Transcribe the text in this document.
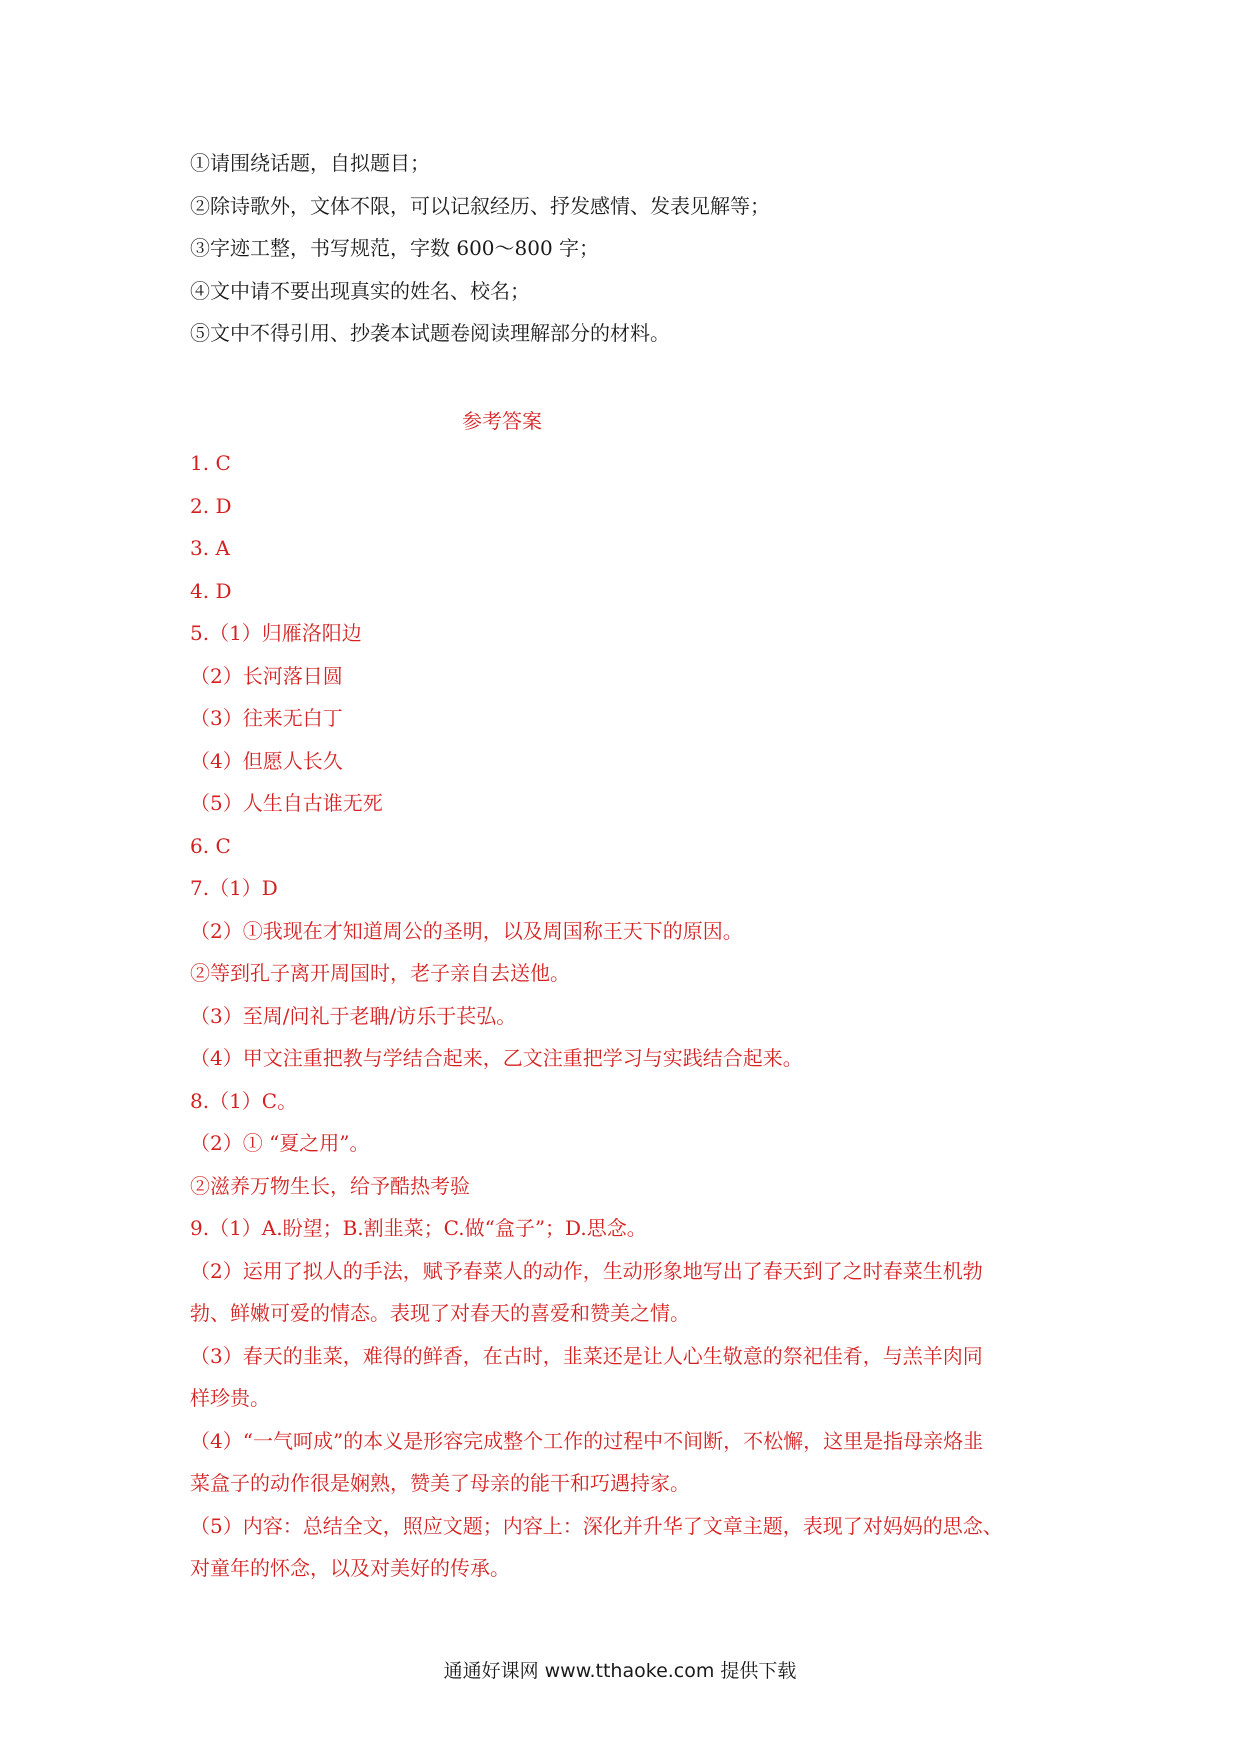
①请围绕话题，自拟题目；
②除诗歌外，文体不限，可以记叙经历、抒发感情、发表见解等；
③字迹工整，书写规范，字数 600～800 字；
④文中请不要出现真实的姓名、校名；
⑤文中不得引用、抄袭本试题卷阅读理解部分的材料。
参考答案
1. C
2. D
3. A
4. D
5.（1）归雁洛阳边
（2）长河落日圆
（3）往来无白丁
（4）但愿人长久
（5）人生自古谁无死
6. C
7.（1）D
（2）①我现在才知道周公的圣明，以及周国称王天下的原因。
②等到孔子离开周国时，老子亲自去送他。
（3）至周/问礼于老聃/访乐于苌弘。
（4）甲文注重把教与学结合起来，乙文注重把学习与实践结合起来。
8.（1）C。
（2）① “夏之用”。
②滋养万物生长，给予酷热考验
9.（1）A.盼望；B.割韭菜；C.做“盒子”；D.思念。
（2）运用了拟人的手法，赋予春菜人的动作，生动形象地写出了春天到了之时春菜生机勃
勃、鲜嫩可爱的情态。表现了对春天的喜爱和赞美之情。
（3）春天的韭菜，难得的鲜香，在古时，韭菜还是让人心生敬意的祭祀佳肴，与羔羊肉同
样珍贵。
（4）“一气呵成”的本义是形容完成整个工作的过程中不间断，不松懈，这里是指母亲烙韭
菜盒子的动作很是娴熟，赞美了母亲的能干和巧遇持家。
（5）内容：总结全文，照应文题；内容上：深化并升华了文章主题，表现了对妈妈的思念、
对童年的怀念，以及对美好的传承。
通通好课网 www.tthaoke.com 提供下载
